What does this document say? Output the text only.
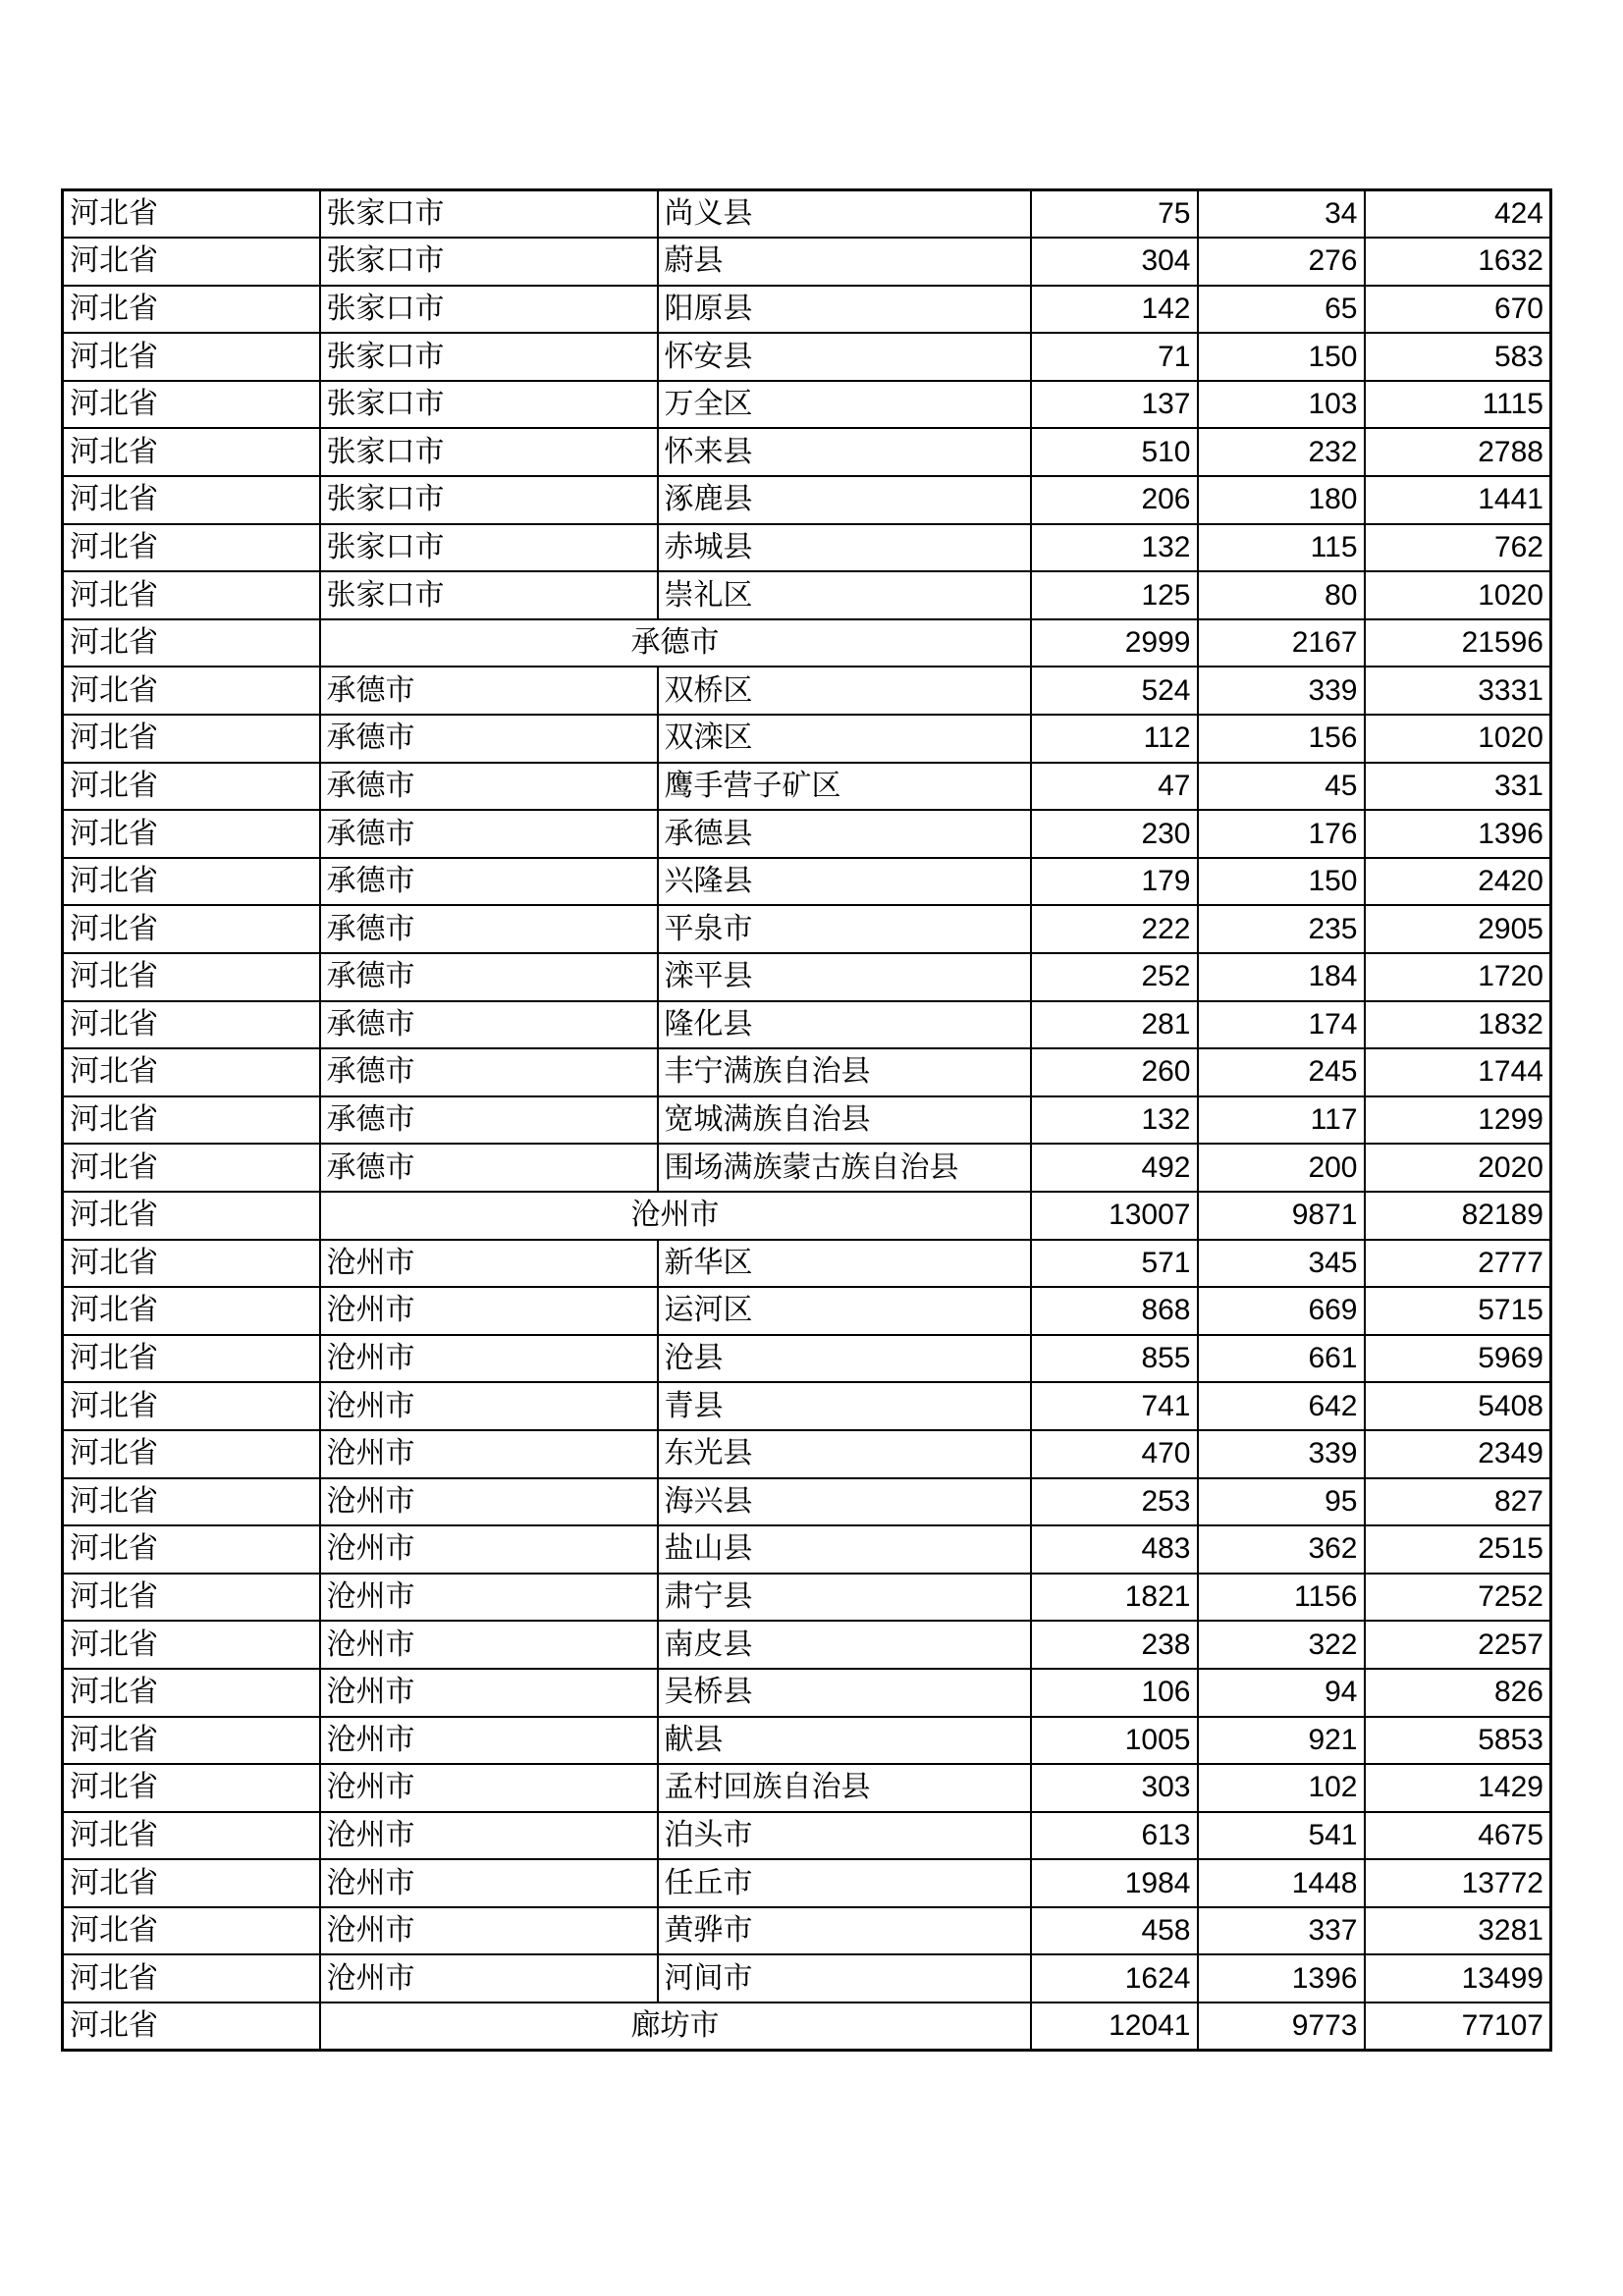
河北省	张家口市	尚义县	75	34	424
河北省	张家口市	蔚县	304	276	1632
河北省	张家口市	阳原县	142	65	670
河北省	张家口市	怀安县	71	150	583
河北省	张家口市	万全区	137	103	1115
河北省	张家口市	怀来县	510	232	2788
河北省	张家口市	涿鹿县	206	180	1441
河北省	张家口市	赤城县	132	115	762
河北省	张家口市	崇礼区	125	80	1020
河北省	承德市		2999	2167	21596
河北省	承德市	双桥区	524	339	3331
河北省	承德市	双滦区	112	156	1020
河北省	承德市	鹰手营子矿区	47	45	331
河北省	承德市	承德县	230	176	1396
河北省	承德市	兴隆县	179	150	2420
河北省	承德市	平泉市	222	235	2905
河北省	承德市	滦平县	252	184	1720
河北省	承德市	隆化县	281	174	1832
河北省	承德市	丰宁满族自治县	260	245	1744
河北省	承德市	宽城满族自治县	132	117	1299
河北省	承德市	围场满族蒙古族自治县	492	200	2020
河北省	沧州市		13007	9871	82189
河北省	沧州市	新华区	571	345	2777
河北省	沧州市	运河区	868	669	5715
河北省	沧州市	沧县	855	661	5969
河北省	沧州市	青县	741	642	5408
河北省	沧州市	东光县	470	339	2349
河北省	沧州市	海兴县	253	95	827
河北省	沧州市	盐山县	483	362	2515
河北省	沧州市	肃宁县	1821	1156	7252
河北省	沧州市	南皮县	238	322	2257
河北省	沧州市	吴桥县	106	94	826
河北省	沧州市	献县	1005	921	5853
河北省	沧州市	孟村回族自治县	303	102	1429
河北省	沧州市	泊头市	613	541	4675
河北省	沧州市	任丘市	1984	1448	13772
河北省	沧州市	黄骅市	458	337	3281
河北省	沧州市	河间市	1624	1396	13499
河北省	廊坊市		12041	9773	77107
